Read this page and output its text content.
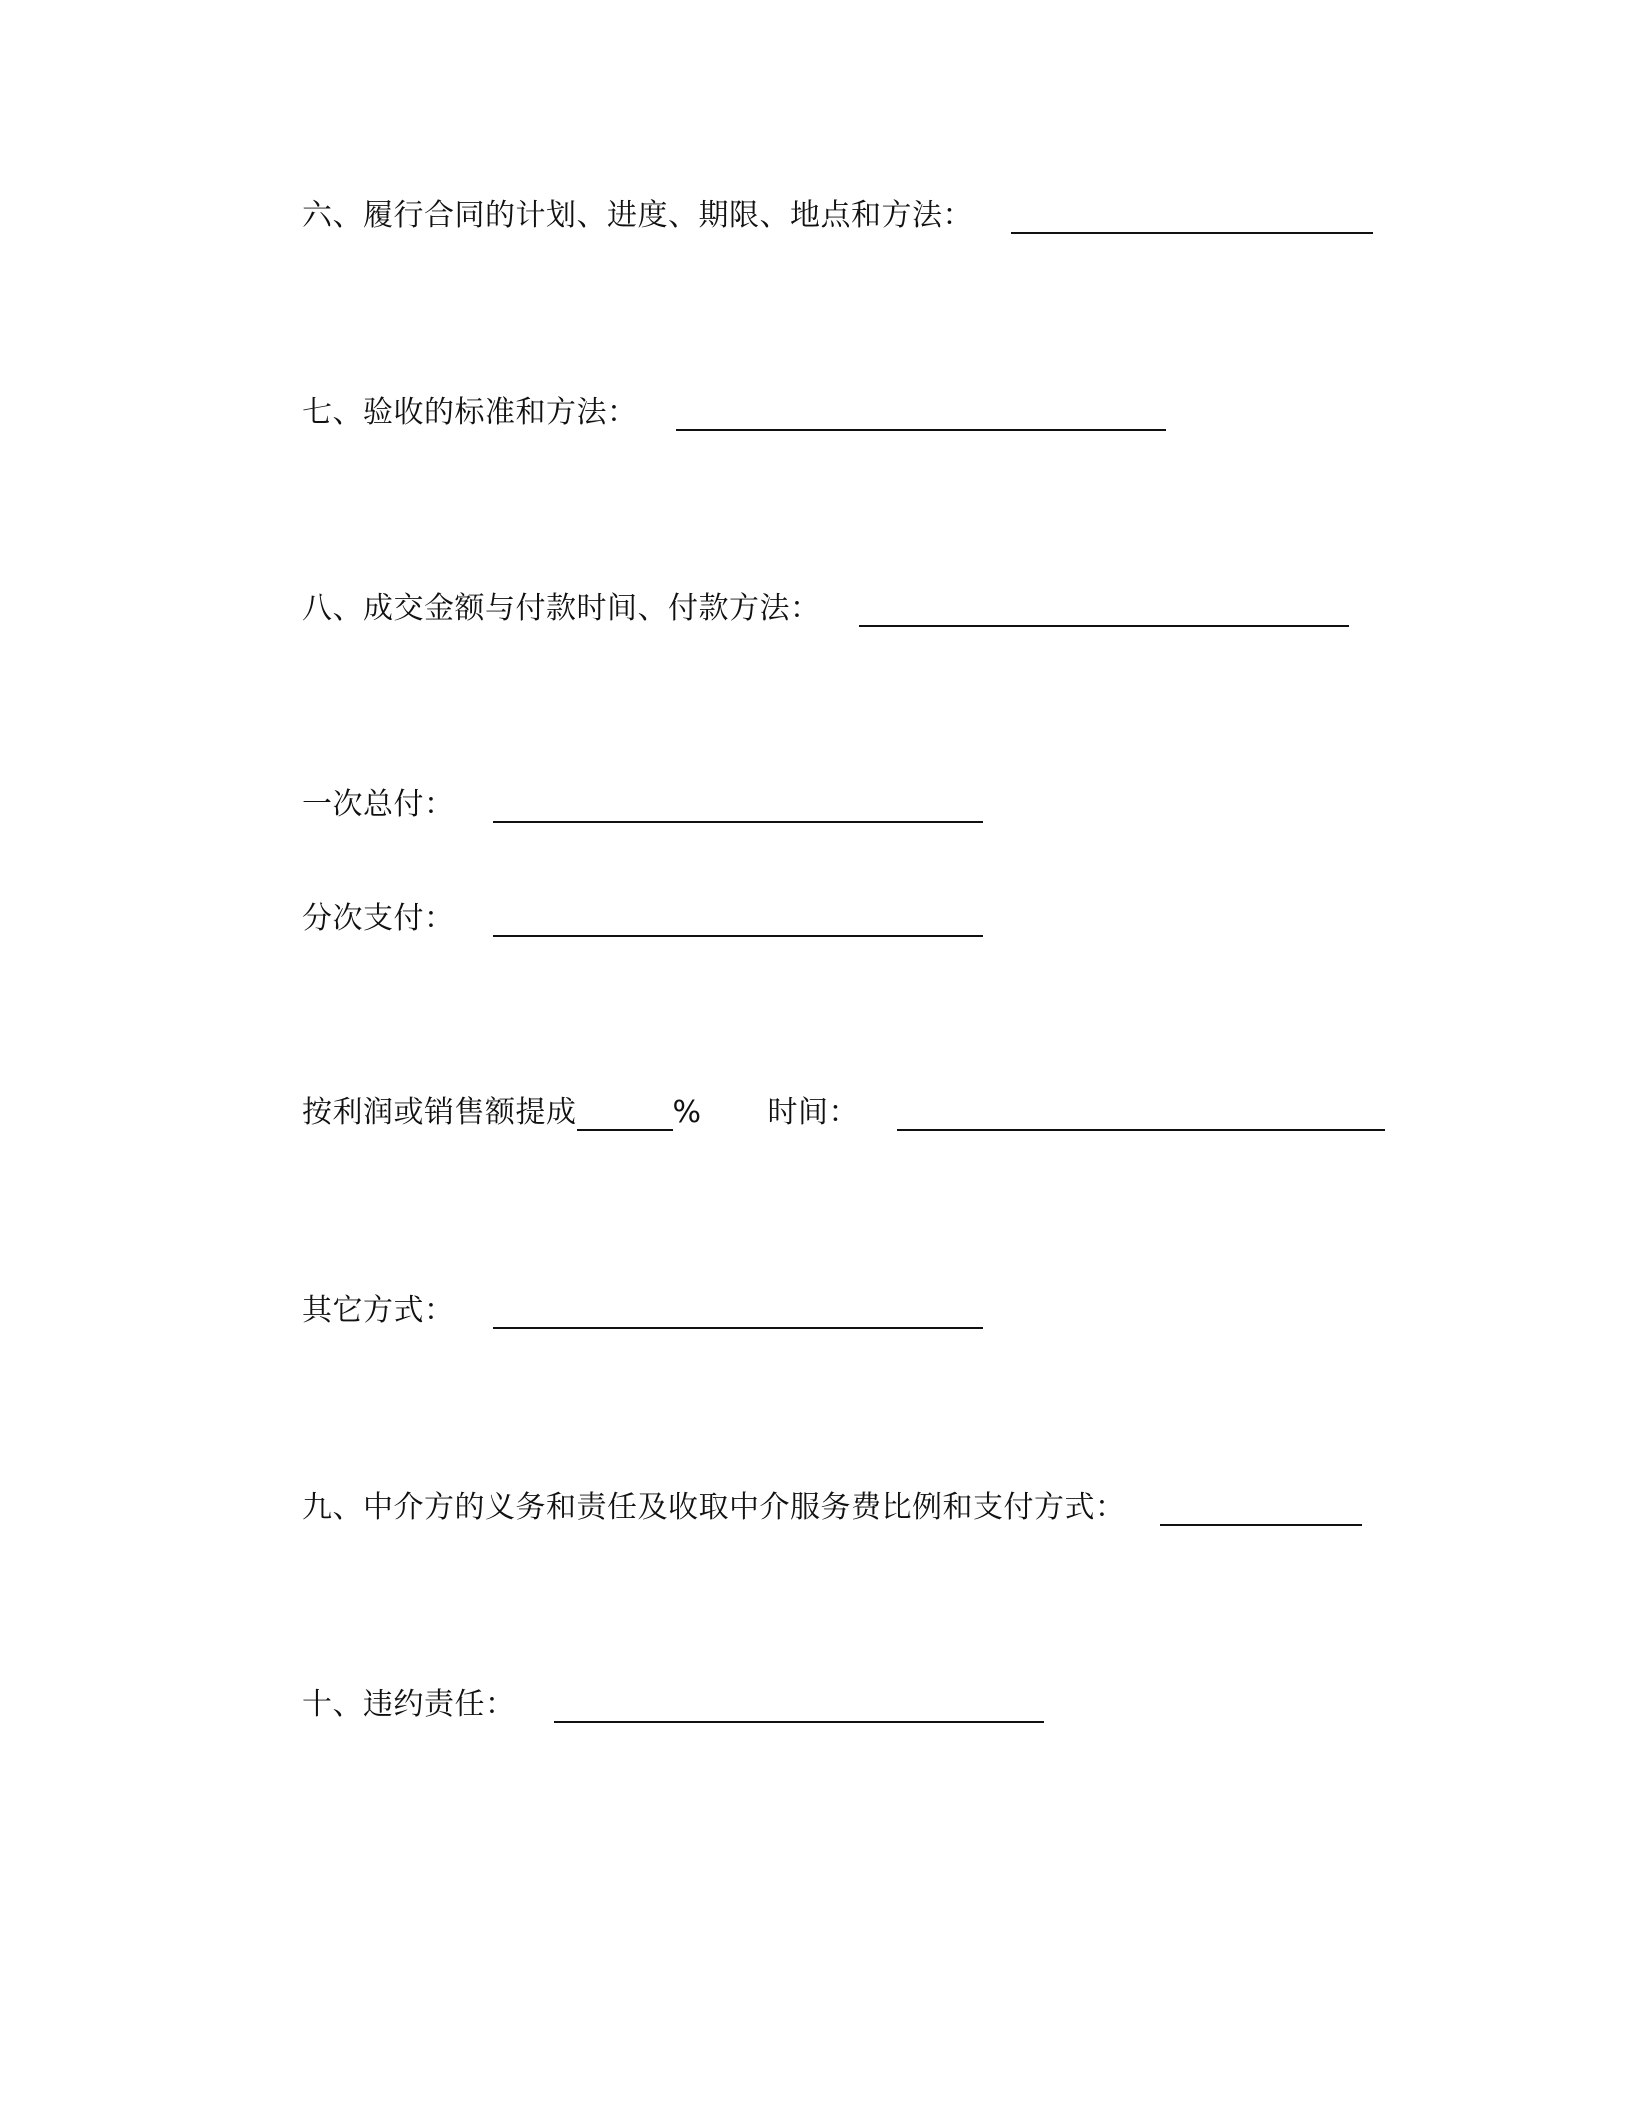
六、履行合同的计划、进度、期限、地点和方法：
七、验收的标准和方法：
八、成交金额与付款时间、付款方法：
一次总付：
分次支付：
按利润或销售额提成	% 时间：
其它方式：
九、中介方的义务和责任及收取中介服务费比例和支付方式：
十、违约责任：
